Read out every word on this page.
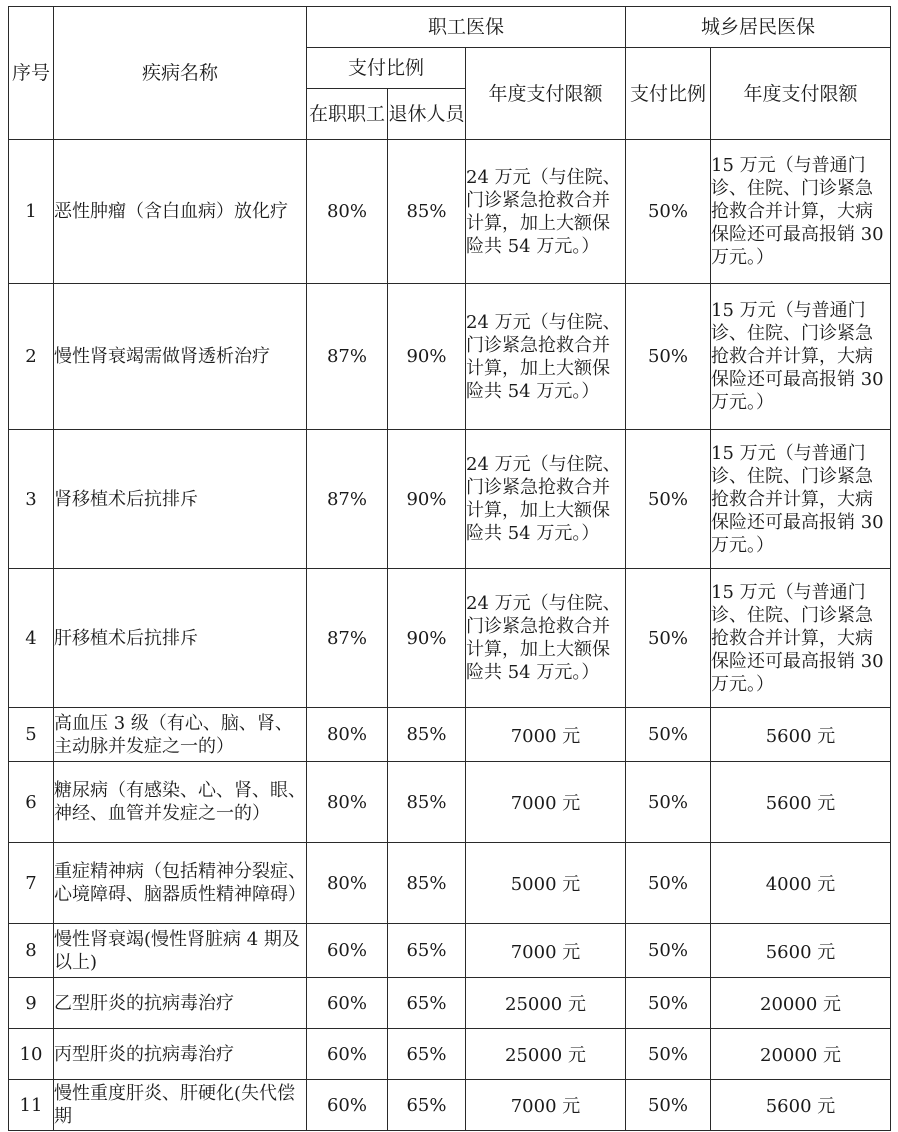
序号	疾病名称	职工医保			城乡居民医保	
		支付比例		年度支付限额	支付比例	年度支付限额
		在职职工	退休人员			
1	恶性肿瘤（含白血病）放化疗	80%	85%	24 万元（与住院、门诊紧急抢救合并计算，加上大额保险共 54 万元。）	50%	15 万元（与普通门诊、住院、门诊紧急抢救合并计算，大病保险还可最高报销 30 万元。）
2	慢性肾衰竭需做肾透析治疗	87%	90%	24 万元（与住院、门诊紧急抢救合并计算，加上大额保险共 54 万元。）	50%	15 万元（与普通门诊、住院、门诊紧急抢救合并计算，大病保险还可最高报销 30 万元。）
3	肾移植术后抗排斥	87%	90%	24 万元（与住院、门诊紧急抢救合并计算，加上大额保险共 54 万元。）	50%	15 万元（与普通门诊、住院、门诊紧急抢救合并计算，大病保险还可最高报销 30 万元。）
4	肝移植术后抗排斥	87%	90%	24 万元（与住院、门诊紧急抢救合并计算，加上大额保险共 54 万元。）	50%	15 万元（与普通门诊、住院、门诊紧急抢救合并计算，大病保险还可最高报销 30 万元。）
5	高血压 3 级（有心、脑、肾、主动脉并发症之一的）	80%	85%	7000 元	50%	5600 元
6	糖尿病（有感染、心、肾、眼、神经、血管并发症之一的）	80%	85%	7000 元	50%	5600 元
7	重症精神病（包括精神分裂症、心境障碍、脑器质性精神障碍）	80%	85%	5000 元	50%	4000 元
8	慢性肾衰竭(慢性肾脏病 4 期及以上)	60%	65%	7000 元	50%	5600 元
9	乙型肝炎的抗病毒治疗	60%	65%	25000 元	50%	20000 元
10	丙型肝炎的抗病毒治疗	60%	65%	25000 元	50%	20000 元
11	慢性重度肝炎、肝硬化(失代偿期	60%	65%	7000 元	50%	5600 元
